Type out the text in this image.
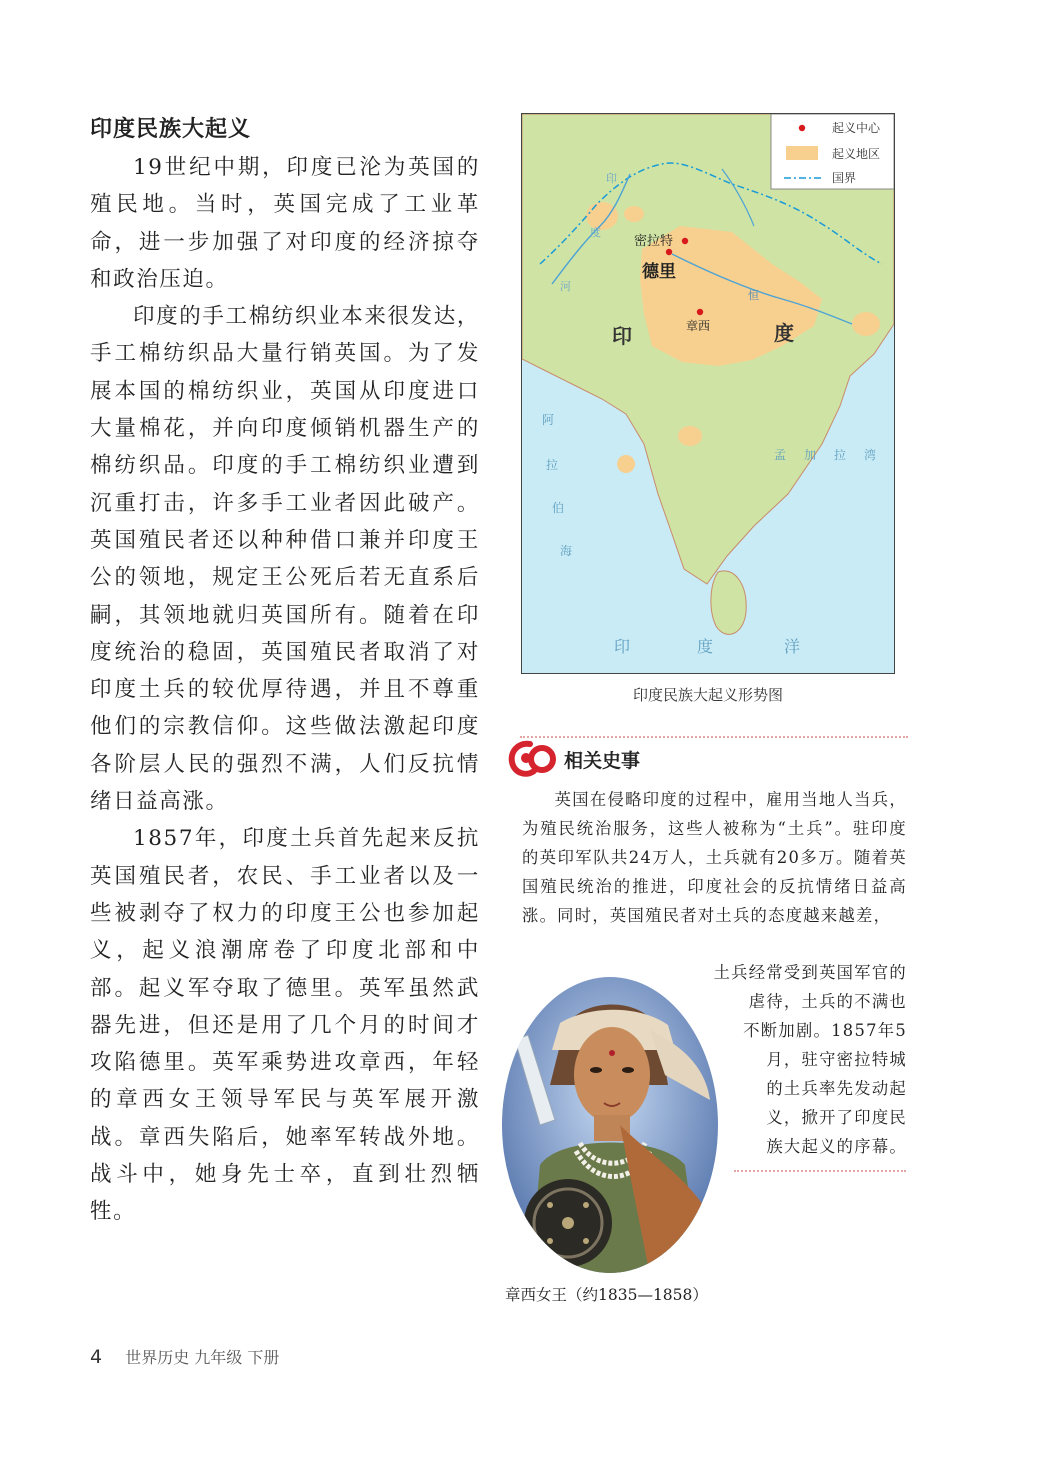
印度民族大起义

19世纪中期，印度已沦为英国的殖民地。当时，英国完成了工业革命，进一步加强了对印度的经济掠夺和政治压迫。

印度的手工棉纺织业本来很发达，手工棉纺织品大量行销英国。为了发展本国的棉纺织业，英国从印度进口大量棉花，并向印度倾销机器生产的棉纺织品。印度的手工棉纺织业遭到沉重打击，许多手工业者因此破产。英国殖民者还以种种借口兼并印度王公的领地，规定王公死后若无直系后嗣，其领地就归英国所有。随着在印度统治的稳固，英国殖民者取消了对印度土兵的较优厚待遇，并且不尊重他们的宗教信仰。这些做法激起印度各阶层人民的强烈不满，人们反抗情绪日益高涨。

1857年，印度土兵首先起来反抗英国殖民者，农民、手工业者以及一些被剥夺了权力的印度王公也参加起义，起义浪潮席卷了印度北部和中部。起义军夺取了德里。英军虽然武器先进，但还是用了几个月的时间才攻陷德里。英军乘势进攻章西，年轻的章西女王领导军民与英军展开激战。章西失陷后，她率军转战外地。战斗中，她身先士卒，直到壮烈牺牲。

密拉特
德里
章西
印	度
恒
印
度
河
阿
拉
伯
海
孟 加 拉 湾
印	度	洋
起义中心
起义地区
国界
印度民族大起义形势图
相关史事

英国在侵略印度的过程中，雇用当地人当兵，为殖民统治服务，这些人被称为“土兵”。驻印度的英印军队共24万人，土兵就有20多万。随着英国殖民统治的推进，印度社会的反抗情绪日益高涨。同时，英国殖民者对土兵的态度越来越差，

土兵经常受到英国军官的
虐待，土兵的不满也
不断加剧。1857年5
月，驻守密拉特城
的土兵率先发动起
义，掀开了印度民
族大起义的序幕。
章西女王（约1835—1858）
4 世界历史 九年级 下册
